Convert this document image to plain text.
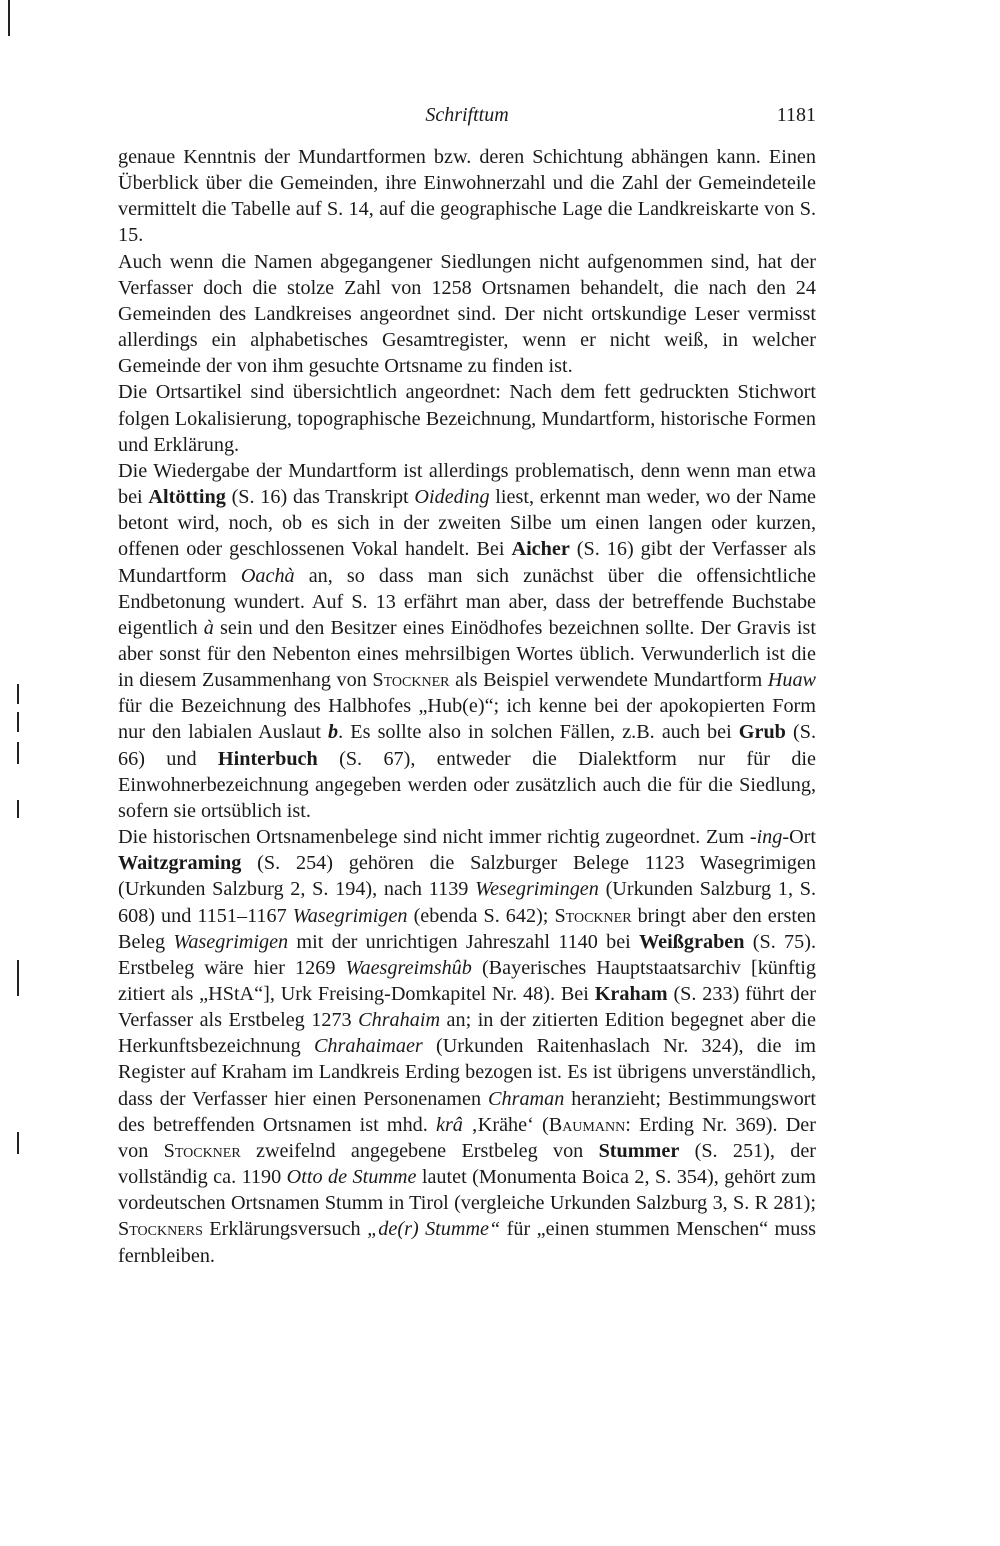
Schrifttum	1181

genaue Kenntnis der Mundartformen bzw. deren Schichtung abhängen kann. Einen Überblick über die Gemeinden, ihre Einwohnerzahl und die Zahl der Gemeindeteile vermittelt die Tabelle auf S. 14, auf die geographische Lage die Landkreiskarte von S. 15.

Auch wenn die Namen abgegangener Siedlungen nicht aufgenommen sind, hat der Verfasser doch die stolze Zahl von 1258 Ortsnamen behandelt, die nach den 24 Gemeinden des Landkreises angeordnet sind. Der nicht ortskundige Leser vermisst allerdings ein alphabetisches Gesamtregister, wenn er nicht weiß, in welcher Gemeinde der von ihm gesuchte Ortsname zu finden ist.

Die Ortsartikel sind übersichtlich angeordnet: Nach dem fett gedruckten Stichwort folgen Lokalisierung, topographische Bezeichnung, Mundartform, historische Formen und Erklärung.

Die Wiedergabe der Mundartform ist allerdings problematisch, denn wenn man etwa bei Altötting (S. 16) das Transkript Oideding liest, erkennt man weder, wo der Name betont wird, noch, ob es sich in der zweiten Silbe um einen langen oder kurzen, offenen oder geschlossenen Vokal handelt. Bei Aicher (S. 16) gibt der Verfasser als Mundartform Oachà an, so dass man sich zunächst über die offensichtliche Endbetonung wundert. Auf S. 13 erfährt man aber, dass der betreffende Buchstabe eigentlich à sein und den Besitzer eines Einödhofes bezeichnen sollte. Der Gravis ist aber sonst für den Nebenton eines mehrsilbigen Wortes üblich. Verwunderlich ist die in diesem Zusammenhang von Stockner als Beispiel verwendete Mundartform Huaw für die Bezeichnung des Halbhofes „Hub(e)“; ich kenne bei der apokopierten Form nur den labialen Auslaut b. Es sollte also in solchen Fällen, z.B. auch bei Grub (S. 66) und Hinterbuch (S. 67), entweder die Dialektform nur für die Einwohnerbezeichnung angegeben werden oder zusätzlich auch die für die Siedlung, sofern sie ortsüblich ist.

Die historischen Ortsnamenbelege sind nicht immer richtig zugeordnet. Zum -ing-Ort Waitzgraming (S. 254) gehören die Salzburger Belege 1123 Wasegrimigen (Urkunden Salzburg 2, S. 194), nach 1139 Wesegrimingen (Urkunden Salzburg 1, S. 608) und 1151–1167 Wasegrimigen (ebenda S. 642); Stockner bringt aber den ersten Beleg Wasegrimigen mit der unrichtigen Jahreszahl 1140 bei Weißgraben (S. 75). Erstbeleg wäre hier 1269 Waesgreimshûb (Bayerisches Hauptstaatsarchiv [künftig zitiert als „HStA“], Urk Freising-Domkapitel Nr. 48). Bei Kraham (S. 233) führt der Verfasser als Erstbeleg 1273 Chrahaim an; in der zitierten Edition begegnet aber die Herkunftsbezeichnung Chrahaimaer (Urkunden Raitenhaslach Nr. 324), die im Register auf Kraham im Landkreis Erding bezogen ist. Es ist übrigens unverständlich, dass der Verfasser hier einen Personenamen Chraman heranzieht; Bestimmungswort des betreffenden Ortsnamen ist mhd. krâ ‚Krähe‘ (Baumann: Erding Nr. 369). Der von Stockner zweifelnd angegebene Erstbeleg von Stummer (S. 251), der vollständig ca. 1190 Otto de Stumme lautet (Monumenta Boica 2, S. 354), gehört zum vordeutschen Ortsnamen Stumm in Tirol (vergleiche Urkunden Salzburg 3, S. R 281); Stockners Erklärungsversuch „de(r) Stumme“ für „einen stummen Menschen“ muss fernbleiben.
